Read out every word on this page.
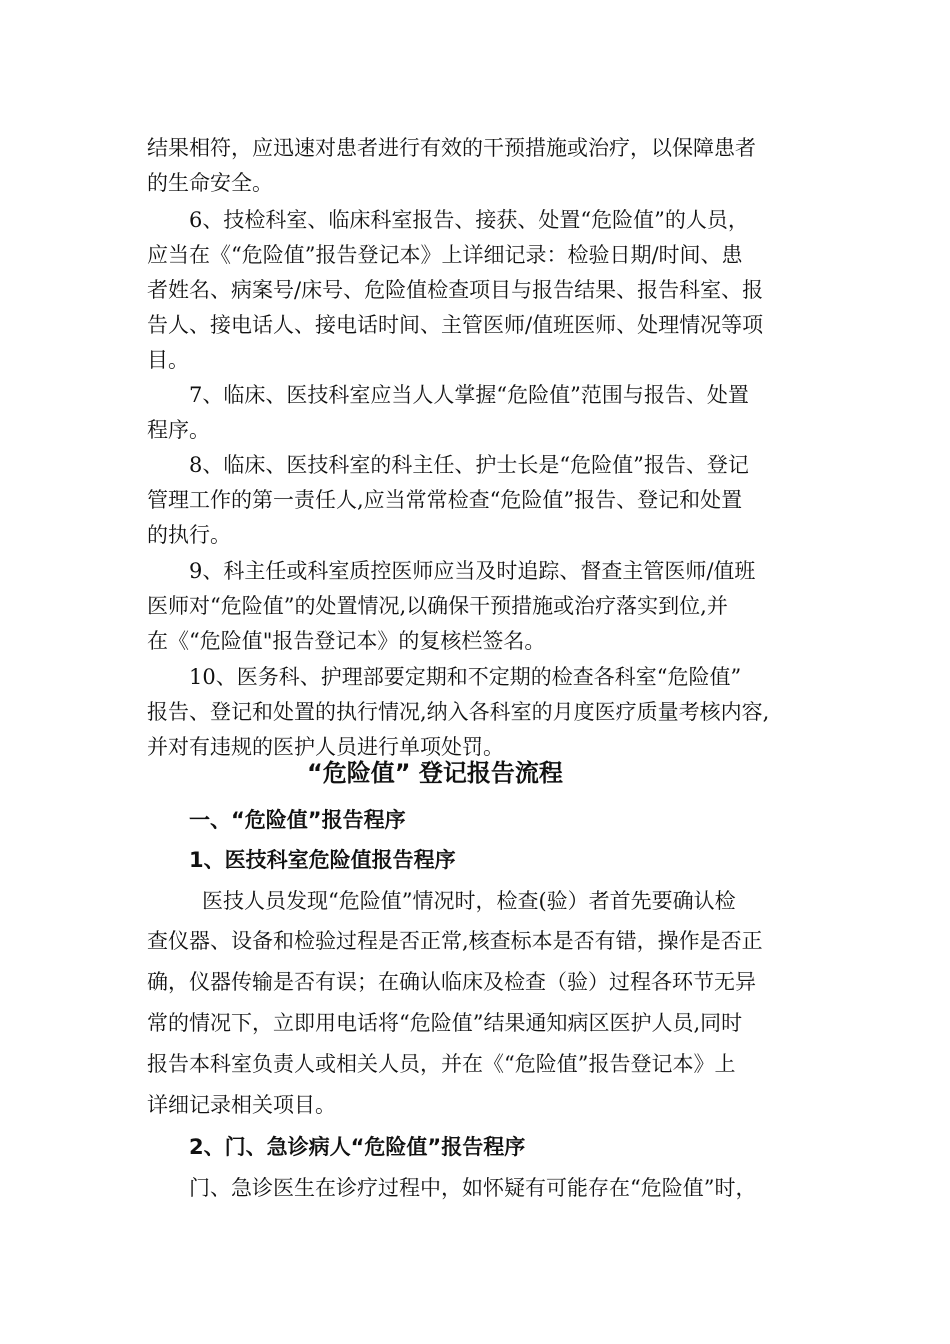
结果相符，应迅速对患者进行有效的干预措施或治疗，以保障患者

的生命安全。

6、技检科室、临床科室报告、接获、处置“危险值”的人员，

应当在《“危险值”报告登记本》上详细记录：检验日期/时间、患

者姓名、病案号/床号、危险值检查项目与报告结果、报告科室、报

告人、接电话人、接电话时间、主管医师/值班医师、处理情况等项

目。

7、临床、医技科室应当人人掌握“危险值”范围与报告、处置

程序。

8、临床、医技科室的科主任、护士长是“危险值”报告、登记

管理工作的第一责任人,应当常常检查“危险值”报告、登记和处置

的执行。

9、科主任或科室质控医师应当及时追踪、督查主管医师/值班

医师对“危险值”的处置情况,以确保干预措施或治疗落实到位,并

在《“危险值"报告登记本》的复核栏签名。

10、医务科、护理部要定期和不定期的检查各科室“危险值”

报告、登记和处置的执行情况,纳入各科室的月度医疗质量考核内容,

并对有违规的医护人员进行单项处罚。

“危险值” 登记报告流程

一、“危险值”报告程序

1、医技科室危险值报告程序

医技人员发现“危险值”情况时，检查(验）者首先要确认检

查仪器、设备和检验过程是否正常,核查标本是否有错，操作是否正

确，仪器传输是否有误；在确认临床及检查（验）过程各环节无异

常的情况下，立即用电话将“危险值”结果通知病区医护人员,同时

报告本科室负责人或相关人员，并在《“危险值”报告登记本》上

详细记录相关项目。

2、门、急诊病人“危险值”报告程序

门、急诊医生在诊疗过程中，如怀疑有可能存在“危险值”时，
